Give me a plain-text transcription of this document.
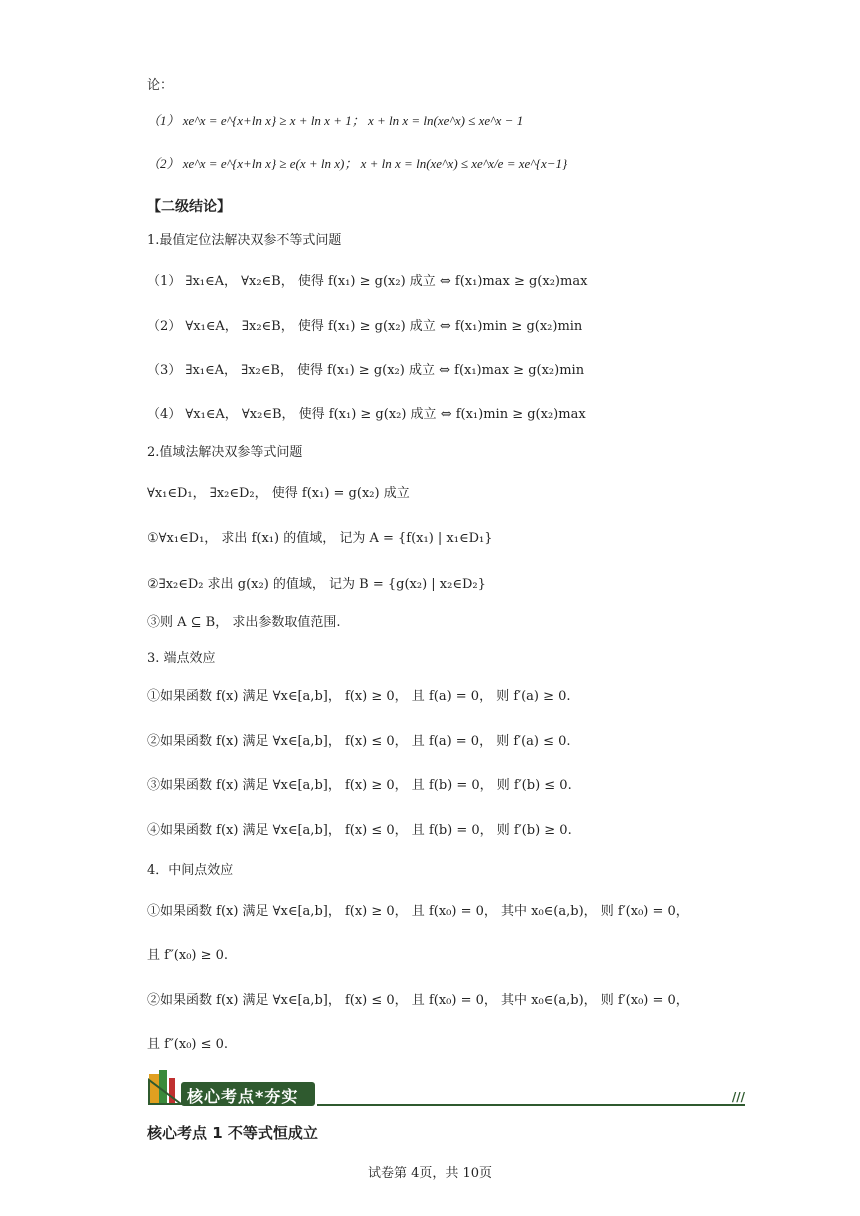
论：
（1） xe^x = e^{x+ln x} ≥ x + ln x + 1； x + ln x = ln(xe^x) ≤ xe^x − 1
（2） xe^x = e^{x+ln x} ≥ e(x + ln x)； x + ln x = ln(xe^x) ≤ xe^x/e = xe^{x−1}
【二级结论】
1.最值定位法解决双参不等式问题
（1） ∃x₁∈A， ∀x₂∈B， 使得 f(x₁) ≥ g(x₂) 成立 ⇔ f(x₁)max ≥ g(x₂)max
（2） ∀x₁∈A， ∃x₂∈B， 使得 f(x₁) ≥ g(x₂) 成立 ⇔ f(x₁)min ≥ g(x₂)min
（3） ∃x₁∈A， ∃x₂∈B， 使得 f(x₁) ≥ g(x₂) 成立 ⇔ f(x₁)max ≥ g(x₂)min
（4） ∀x₁∈A， ∀x₂∈B， 使得 f(x₁) ≥ g(x₂) 成立 ⇔ f(x₁)min ≥ g(x₂)max
2.值域法解决双参等式问题
∀x₁∈D₁， ∃x₂∈D₂， 使得 f(x₁) = g(x₂) 成立
①∀x₁∈D₁， 求出 f(x₁) 的值域， 记为 A = {f(x₁) | x₁∈D₁}
②∃x₂∈D₂ 求出 g(x₂) 的值域， 记为 B = {g(x₂) | x₂∈D₂}
③则 A ⊆ B， 求出参数取值范围.
3. 端点效应
①如果函数 f(x) 满足 ∀x∈[a,b]， f(x) ≥ 0， 且 f(a) = 0， 则 f′(a) ≥ 0.
②如果函数 f(x) 满足 ∀x∈[a,b]， f(x) ≤ 0， 且 f(a) = 0， 则 f′(a) ≤ 0.
③如果函数 f(x) 满足 ∀x∈[a,b]， f(x) ≥ 0， 且 f(b) = 0， 则 f′(b) ≤ 0.
④如果函数 f(x) 满足 ∀x∈[a,b]， f(x) ≤ 0， 且 f(b) = 0， 则 f′(b) ≥ 0.
4．中间点效应
①如果函数 f(x) 满足 ∀x∈[a,b]， f(x) ≥ 0， 且 f(x₀) = 0， 其中 x₀∈(a,b)， 则 f′(x₀) = 0，
且 f″(x₀) ≥ 0.
②如果函数 f(x) 满足 ∀x∈[a,b]， f(x) ≤ 0， 且 f(x₀) = 0， 其中 x₀∈(a,b)， 则 f′(x₀) = 0，
且 f″(x₀) ≤ 0.
核心考点*夯实	///
核心考点 1 不等式恒成立
试卷第 4页，共 10页
